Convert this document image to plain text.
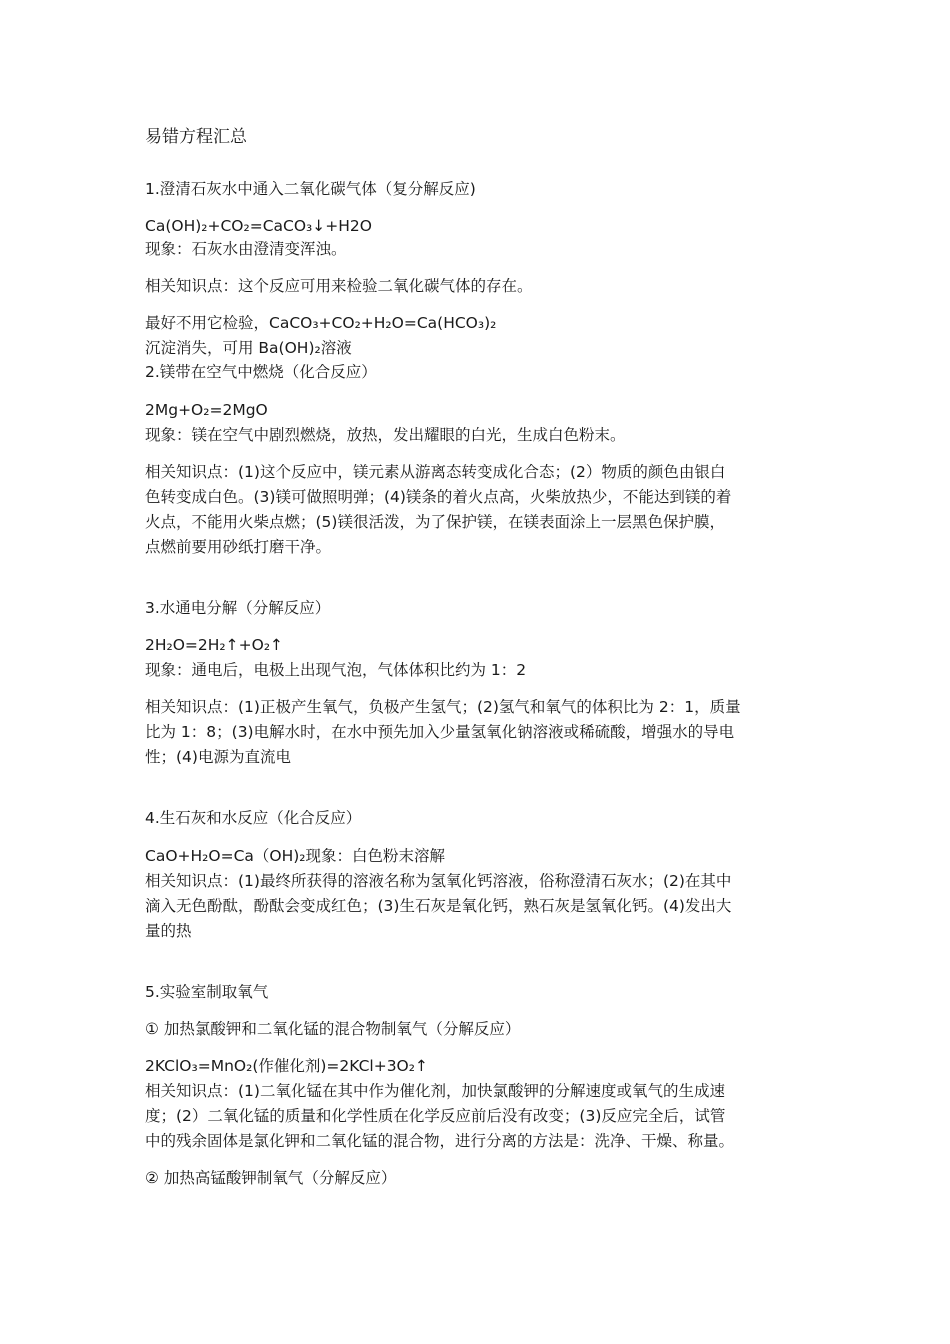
易错方程汇总
1.澄清石灰水中通入二氧化碳气体（复分解反应)
Ca(OH)₂+CO₂=CaCO₃↓+H2O
现象：石灰水由澄清变浑浊。
相关知识点：这个反应可用来检验二氧化碳气体的存在。
最好不用它检验，CaCO₃+CO₂+H₂O=Ca(HCO₃)₂
沉淀消失，可用 Ba(OH)₂溶液
2.镁带在空气中燃烧（化合反应）
2Mg+O₂=2MgO
现象：镁在空气中剧烈燃烧，放热，发出耀眼的白光，生成白色粉末。
相关知识点：(1)这个反应中，镁元素从游离态转变成化合态；(2）物质的颜色由银白
色转变成白色。(3)镁可做照明弹；(4)镁条的着火点高，火柴放热少，不能达到镁的着
火点，不能用火柴点燃；(5)镁很活泼，为了保护镁，在镁表面涂上一层黑色保护膜，
点燃前要用砂纸打磨干净。
3.水通电分解（分解反应）
2H₂O=2H₂↑+O₂↑
现象：通电后，电极上出现气泡，气体体积比约为 1：2
相关知识点：(1)正极产生氧气，负极产生氢气；(2)氢气和氧气的体积比为 2：1，质量
比为 1：8；(3)电解水时，在水中预先加入少量氢氧化钠溶液或稀硫酸，增强水的导电
性；(4)电源为直流电
4.生石灰和水反应（化合反应）
CaO+H₂O=Ca（OH)₂现象：白色粉末溶解
相关知识点：(1)最终所获得的溶液名称为氢氧化钙溶液，俗称澄清石灰水；(2)在其中
滴入无色酚酞，酚酞会变成红色；(3)生石灰是氧化钙，熟石灰是氢氧化钙。(4)发出大
量的热
5.实验室制取氧气
① 加热氯酸钾和二氧化锰的混合物制氧气（分解反应）
2KClO₃=MnO₂(作催化剂)=2KCl+3O₂↑
相关知识点：(1)二氧化锰在其中作为催化剂，加快氯酸钾的分解速度或氧气的生成速
度；(2）二氧化锰的质量和化学性质在化学反应前后没有改变；(3)反应完全后，试管
中的残余固体是氯化钾和二氧化锰的混合物，进行分离的方法是：洗净、干燥、称量。
② 加热高锰酸钾制氧气（分解反应）
